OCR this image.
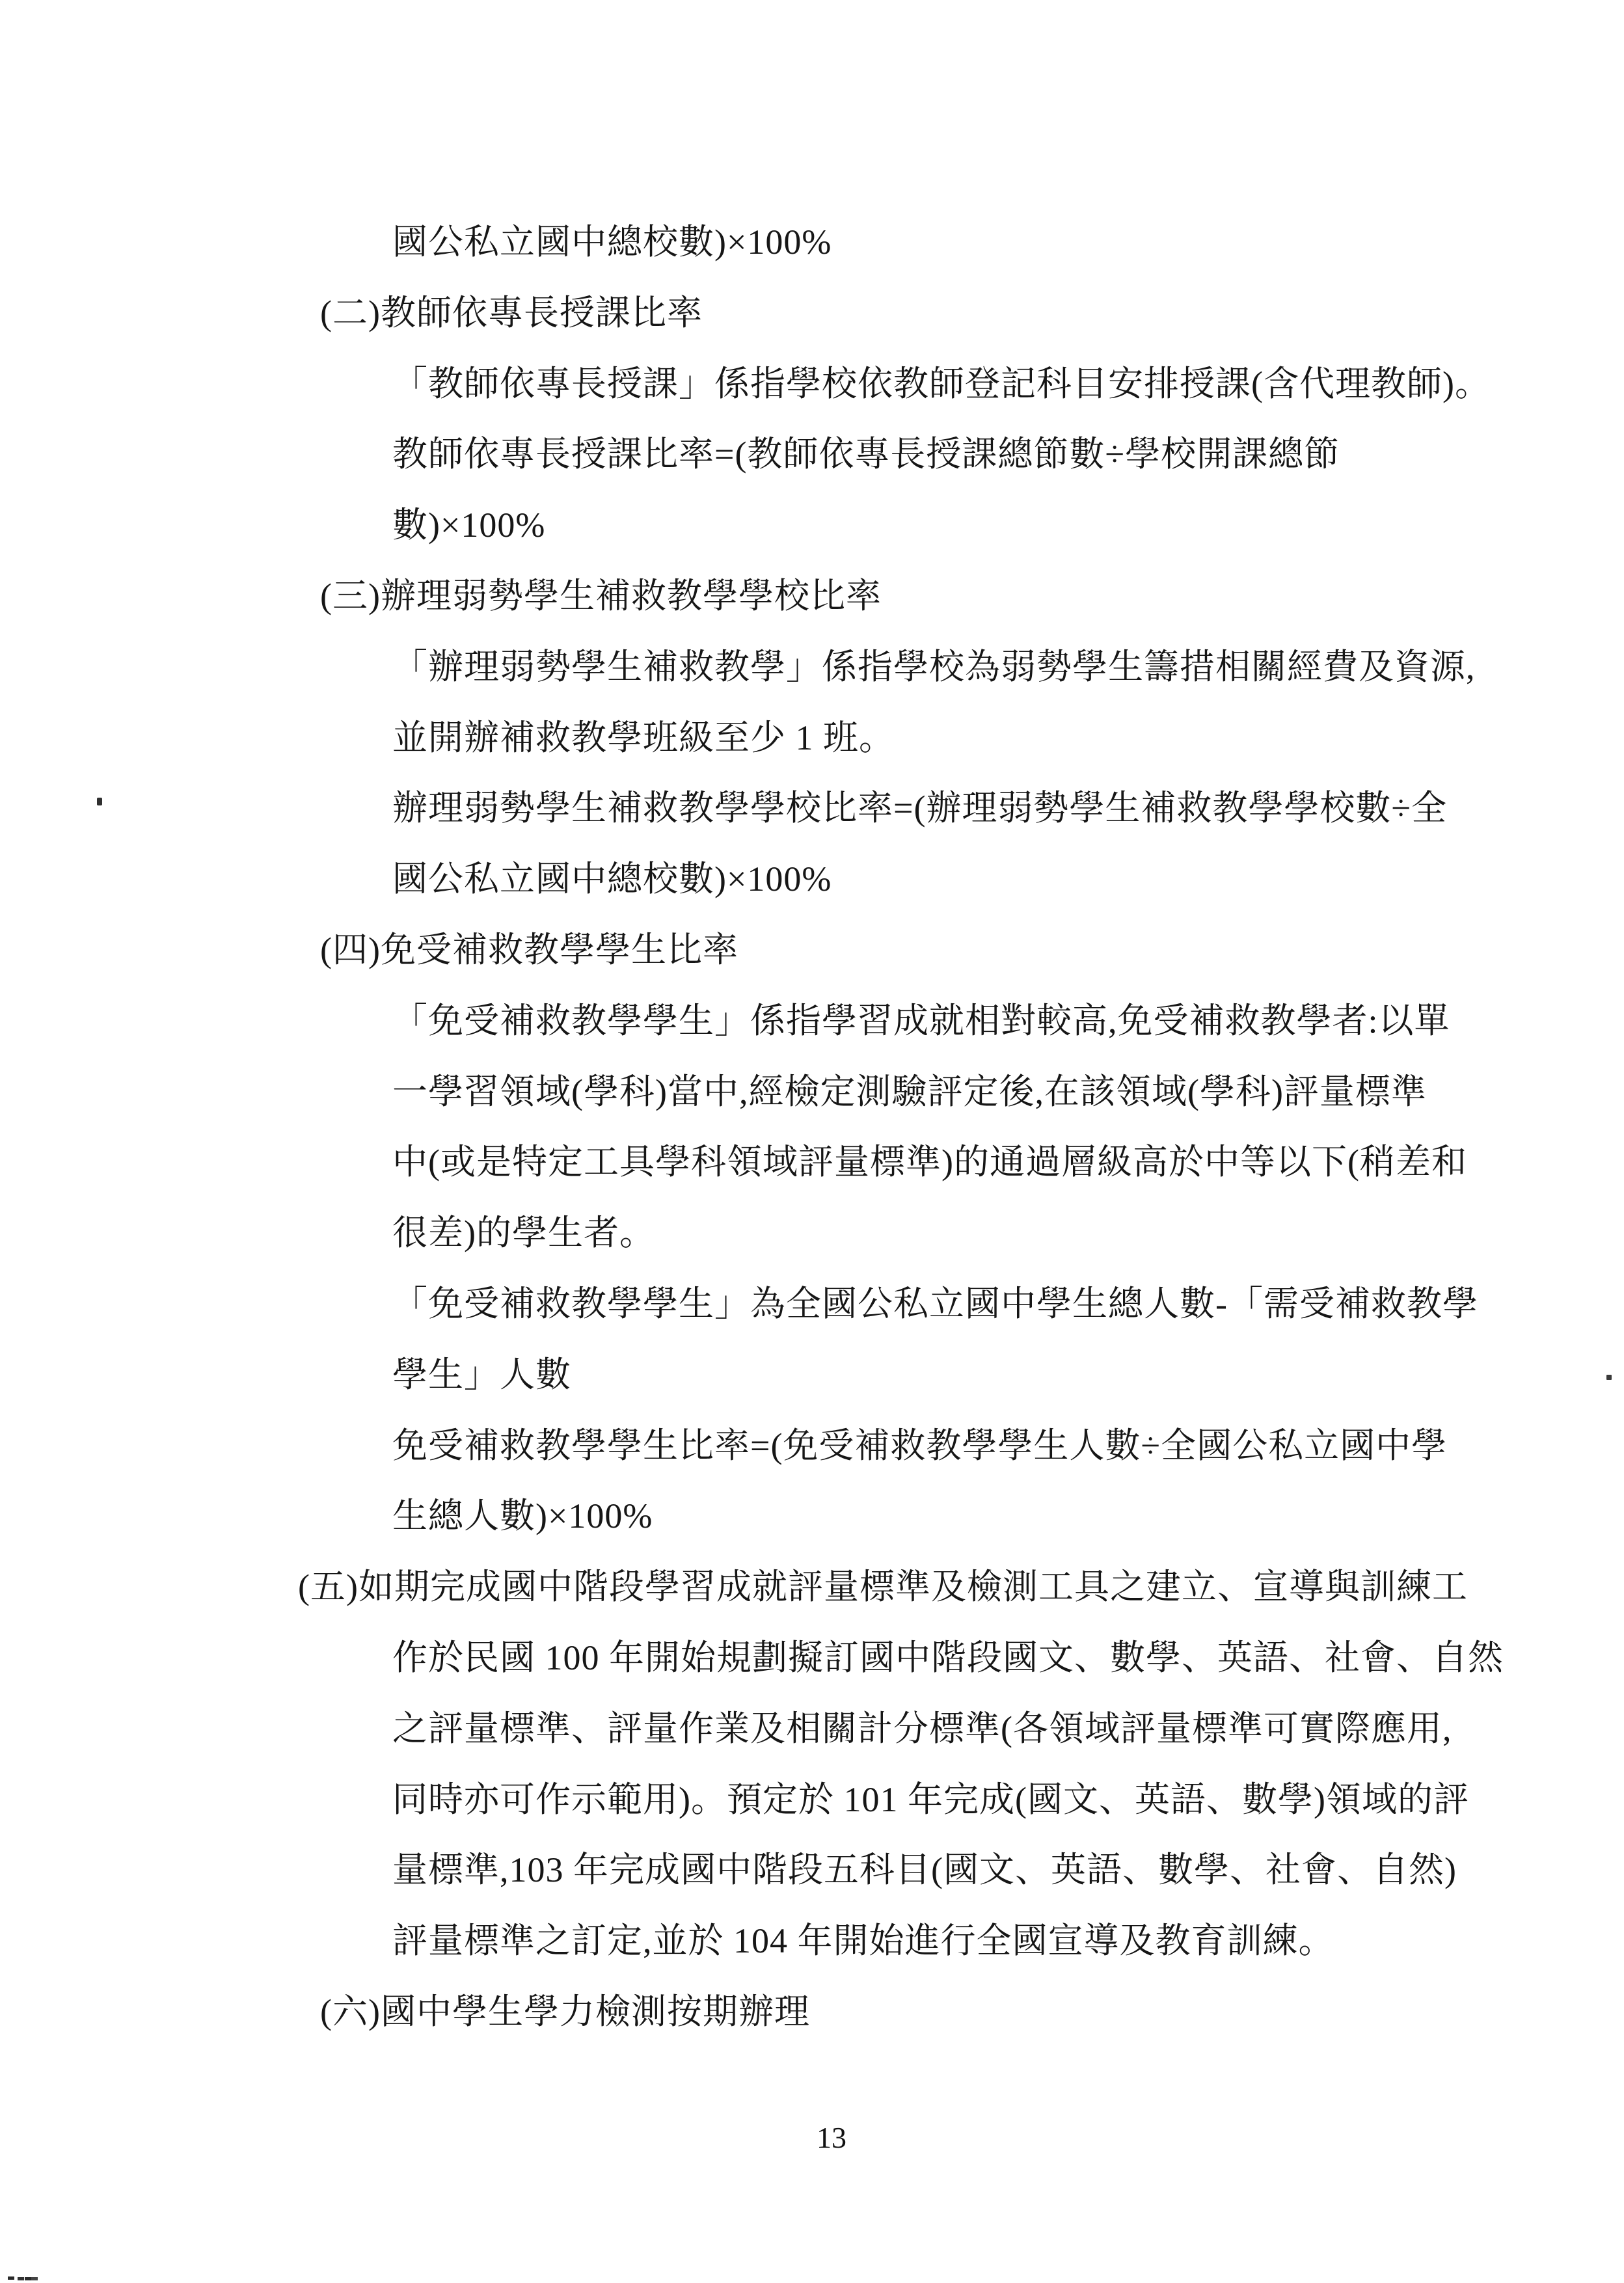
國公私立國中總校數)×100%
(二)教師依專長授課比率
「教師依專長授課」係指學校依教師登記科目安排授課(含代理教師)。
教師依專長授課比率=(教師依專長授課總節數÷學校開課總節
數)×100%
(三)辦理弱勢學生補救教學學校比率
「辦理弱勢學生補救教學」係指學校為弱勢學生籌措相關經費及資源,
並開辦補救教學班級至少 1 班。
辦理弱勢學生補救教學學校比率=(辦理弱勢學生補救教學學校數÷全
國公私立國中總校數)×100%
(四)免受補救教學學生比率
「免受補救教學學生」係指學習成就相對較高,免受補救教學者:以單
一學習領域(學科)當中,經檢定測驗評定後,在該領域(學科)評量標準
中(或是特定工具學科領域評量標準)的通過層級高於中等以下(稍差和
很差)的學生者。
「免受補救教學學生」為全國公私立國中學生總人數-「需受補救教學
學生」人數
免受補救教學學生比率=(免受補救教學學生人數÷全國公私立國中學
生總人數)×100%
(五)如期完成國中階段學習成就評量標準及檢測工具之建立、宣導與訓練工
作於民國 100 年開始規劃擬訂國中階段國文、數學、英語、社會、自然
之評量標準、評量作業及相關計分標準(各領域評量標準可實際應用,
同時亦可作示範用)。預定於 101 年完成(國文、英語、數學)領域的評
量標準,103 年完成國中階段五科目(國文、英語、數學、社會、自然)
評量標準之訂定,並於 104 年開始進行全國宣導及教育訓練。
(六)國中學生學力檢測按期辦理
13
